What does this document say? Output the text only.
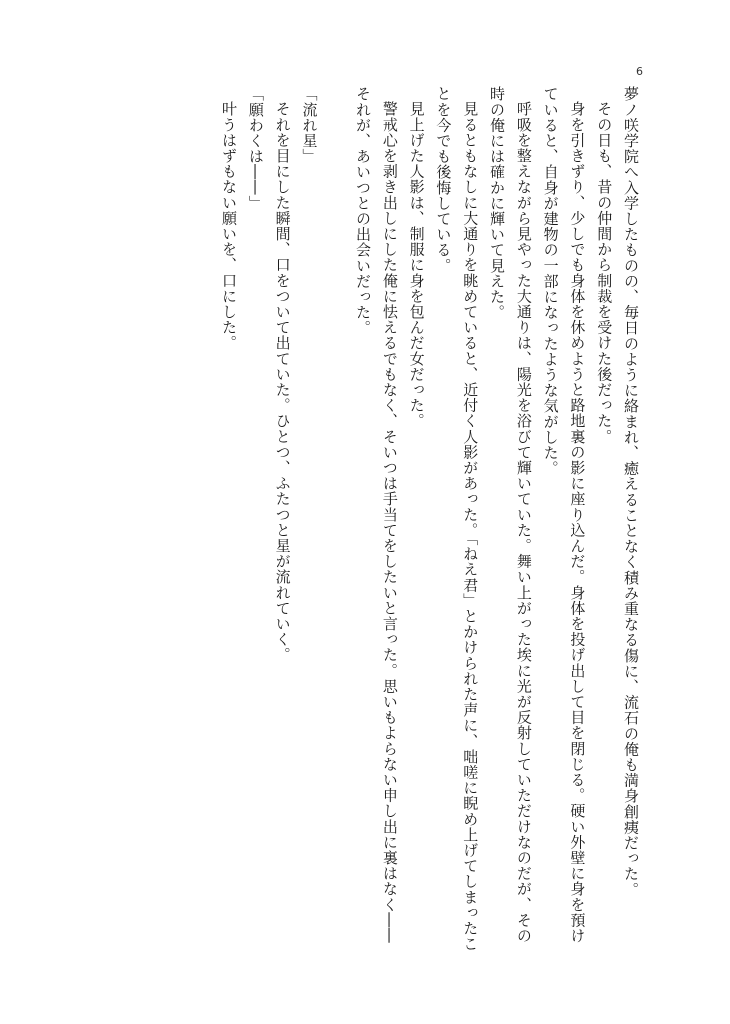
6

夢ノ咲学院へ入学したものの、毎日のように絡まれ、癒えることなく積み重なる傷に、流石の俺も満身創痍だった。

その日も、昔の仲間から制裁を受けた後だった。

身を引きずり、少しでも身体を休めようと路地裏の影に座り込んだ。身体を投げ出して目を閉じる。硬い外壁に身を預けていると、自身が建物の一部になったような気がした。

呼吸を整えながら見やった大通りは、陽光を浴びて輝いていた。舞い上がった埃に光が反射していただけなのだが、その時の俺には確かに輝いて見えた。

見るともなしに大通りを眺めていると、近付く人影があった。「ねえ君」とかけられた声に、咄嗟に睨め上げてしまったことを今でも後悔している。

見上げた人影は、制服に身を包んだ女だった。

警戒心を剥き出しにした俺に怯えるでもなく、そいつは手当てをしたいと言った。思いもよらない申し出に裏はなく――それが、あいつとの出会いだった。

「流れ星」

それを目にした瞬間、口をついて出ていた。ひとつ、ふたつと星が流れていく。

「願わくは――」

叶うはずもない願いを、口にした。
